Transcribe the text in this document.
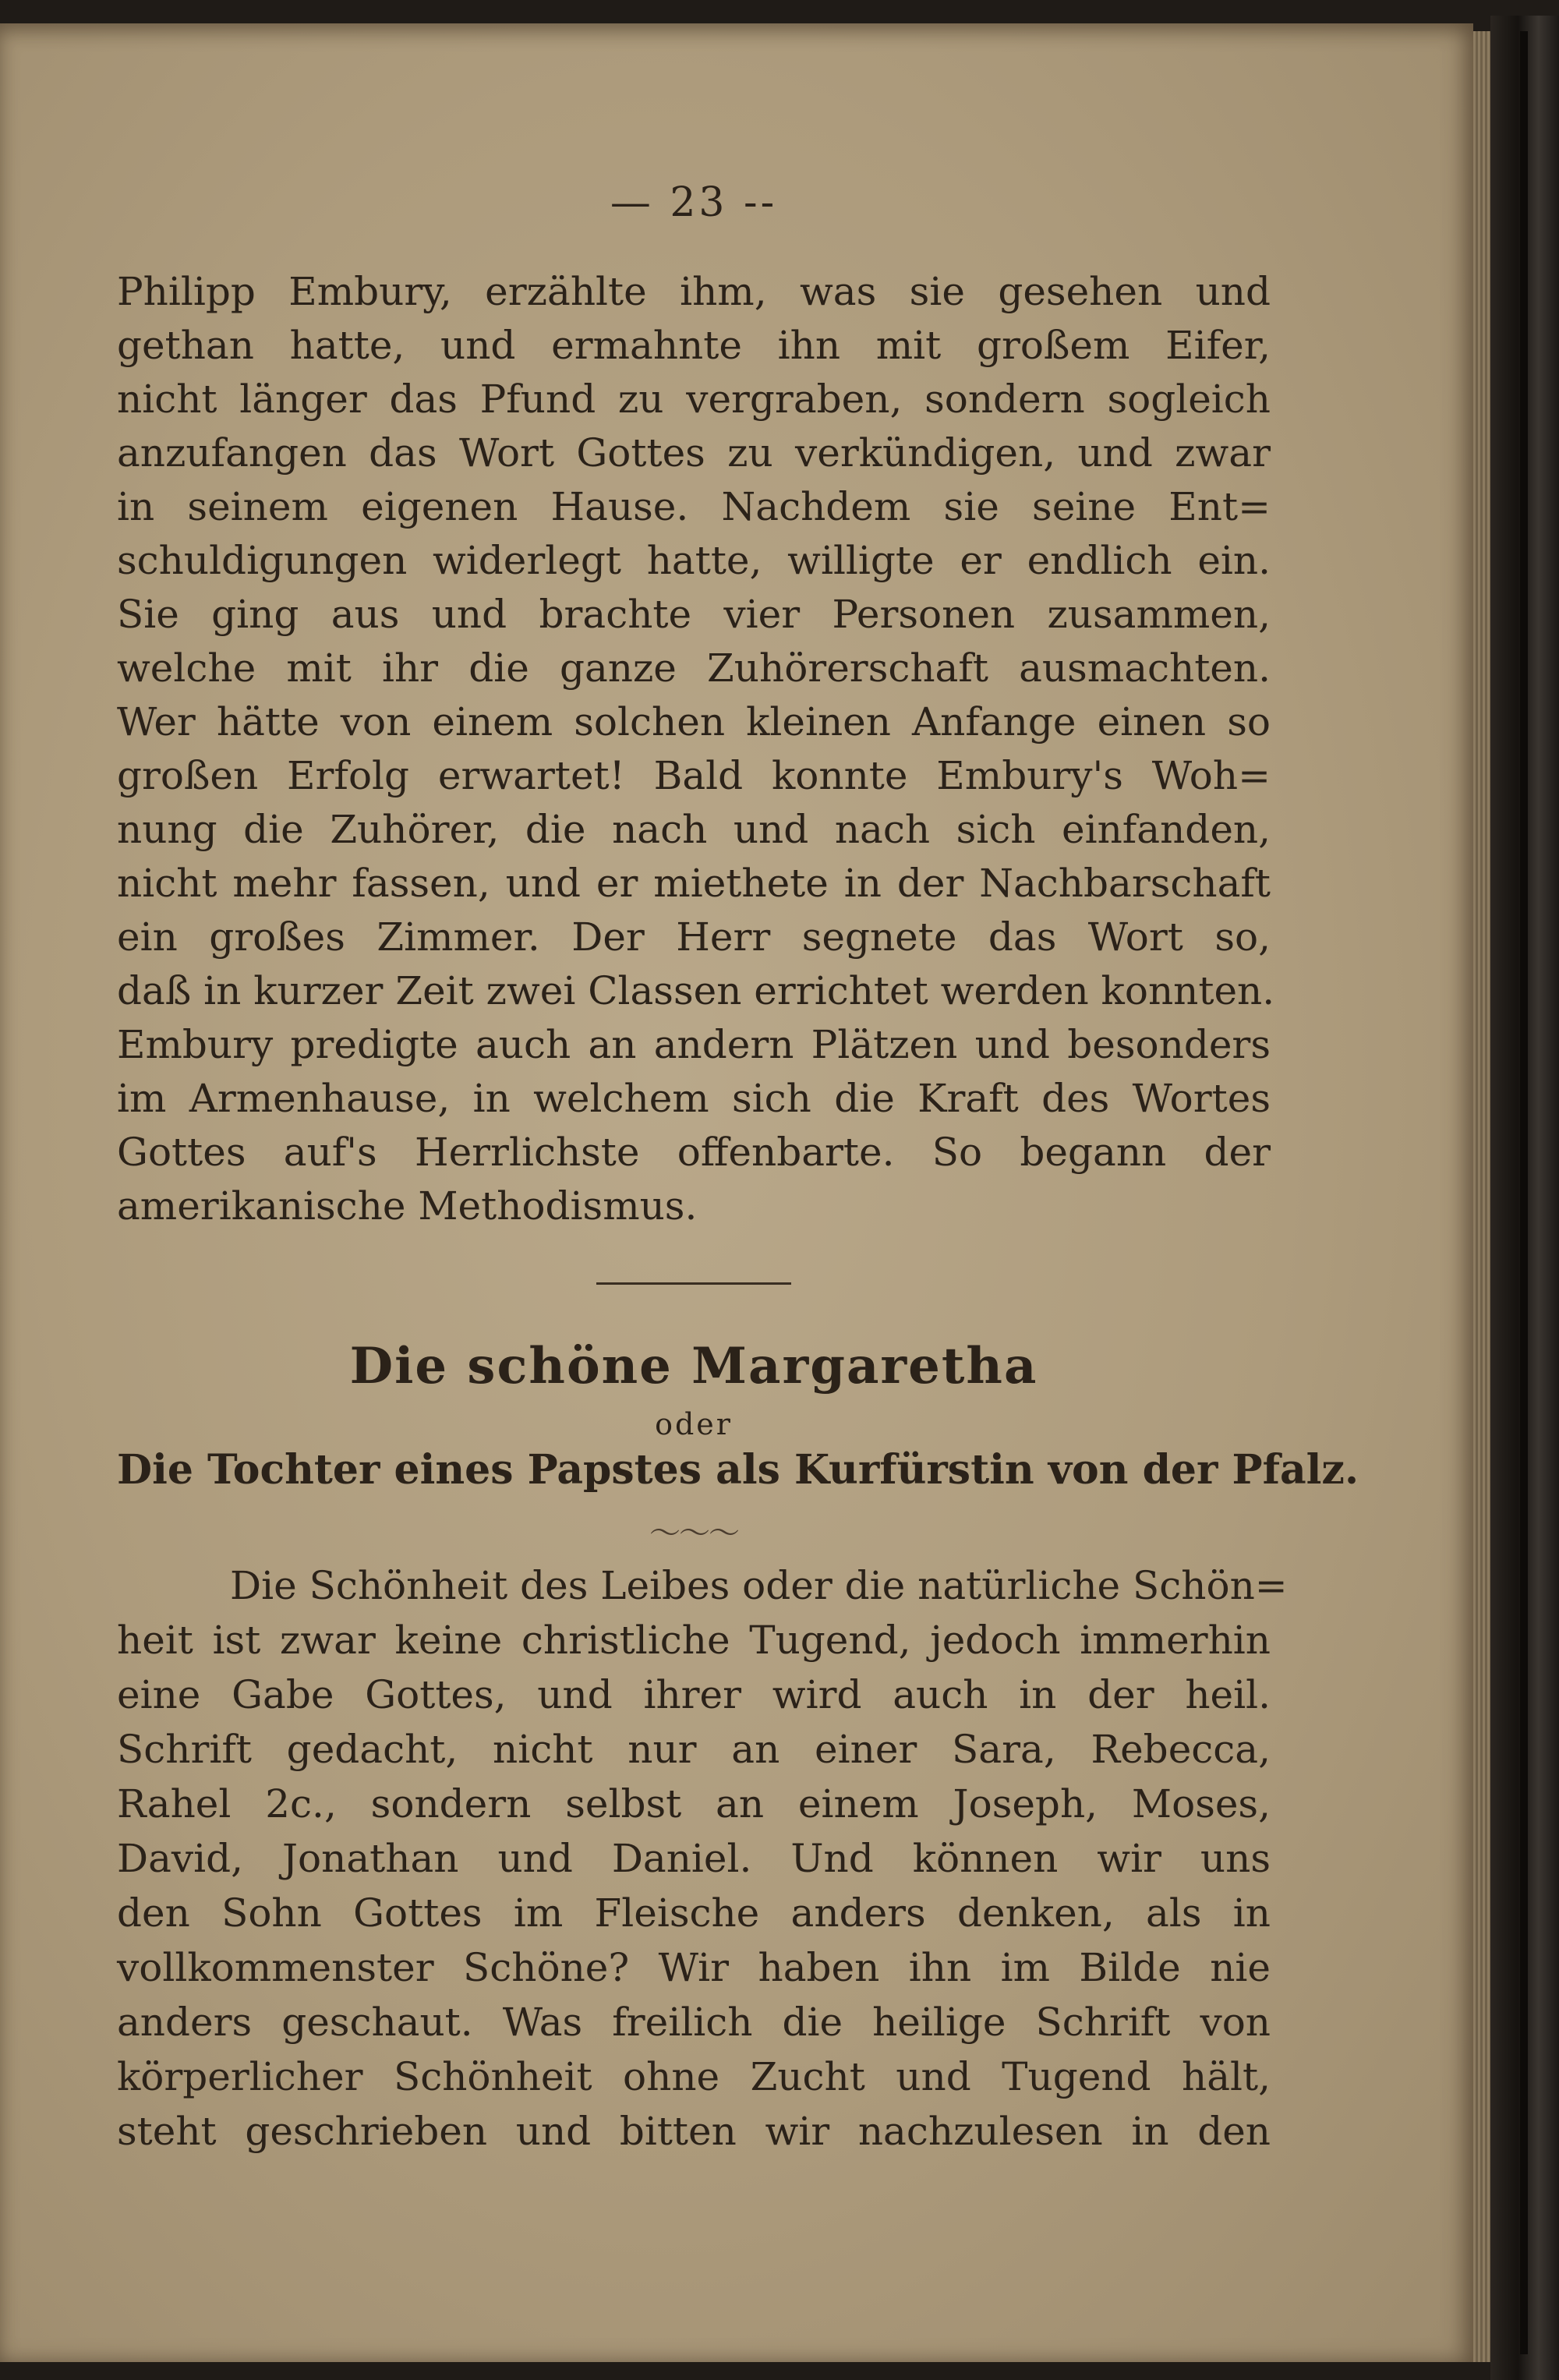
— 23 --
Philipp Embury, erzählte ihm, was sie gesehen und
gethan hatte, und ermahnte ihn mit großem Eifer,
nicht länger das Pfund zu vergraben, sondern sogleich
anzufangen das Wort Gottes zu verkündigen, und zwar
in seinem eigenen Hause. Nachdem sie seine Ent=
schuldigungen widerlegt hatte, willigte er endlich ein.
Sie ging aus und brachte vier Personen zusammen,
welche mit ihr die ganze Zuhörerschaft ausmachten.
Wer hätte von einem solchen kleinen Anfange einen so
großen Erfolg erwartet! Bald konnte Embury's Woh=
nung die Zuhörer, die nach und nach sich einfanden,
nicht mehr fassen, und er miethete in der Nachbarschaft
ein großes Zimmer. Der Herr segnete das Wort so,
daß in kurzer Zeit zwei Classen errichtet werden konnten.
Embury predigte auch an andern Plätzen und besonders
im Armenhause, in welchem sich die Kraft des Wortes
Gottes auf's Herrlichste offenbarte. So begann der
amerikanische Methodismus.
Die schöne Margaretha
oder
Die Tochter eines Papstes als Kurfürstin von der Pfalz.
〜〜〜
Die Schönheit des Leibes oder die natürliche Schön=
heit ist zwar keine christliche Tugend, jedoch immerhin
eine Gabe Gottes, und ihrer wird auch in der heil.
Schrift gedacht, nicht nur an einer Sara, Rebecca,
Rahel 2c., sondern selbst an einem Joseph, Moses,
David, Jonathan und Daniel. Und können wir uns
den Sohn Gottes im Fleische anders denken, als in
vollkommenster Schöne? Wir haben ihn im Bilde nie
anders geschaut. Was freilich die heilige Schrift von
körperlicher Schönheit ohne Zucht und Tugend hält,
steht geschrieben und bitten wir nachzulesen in den
